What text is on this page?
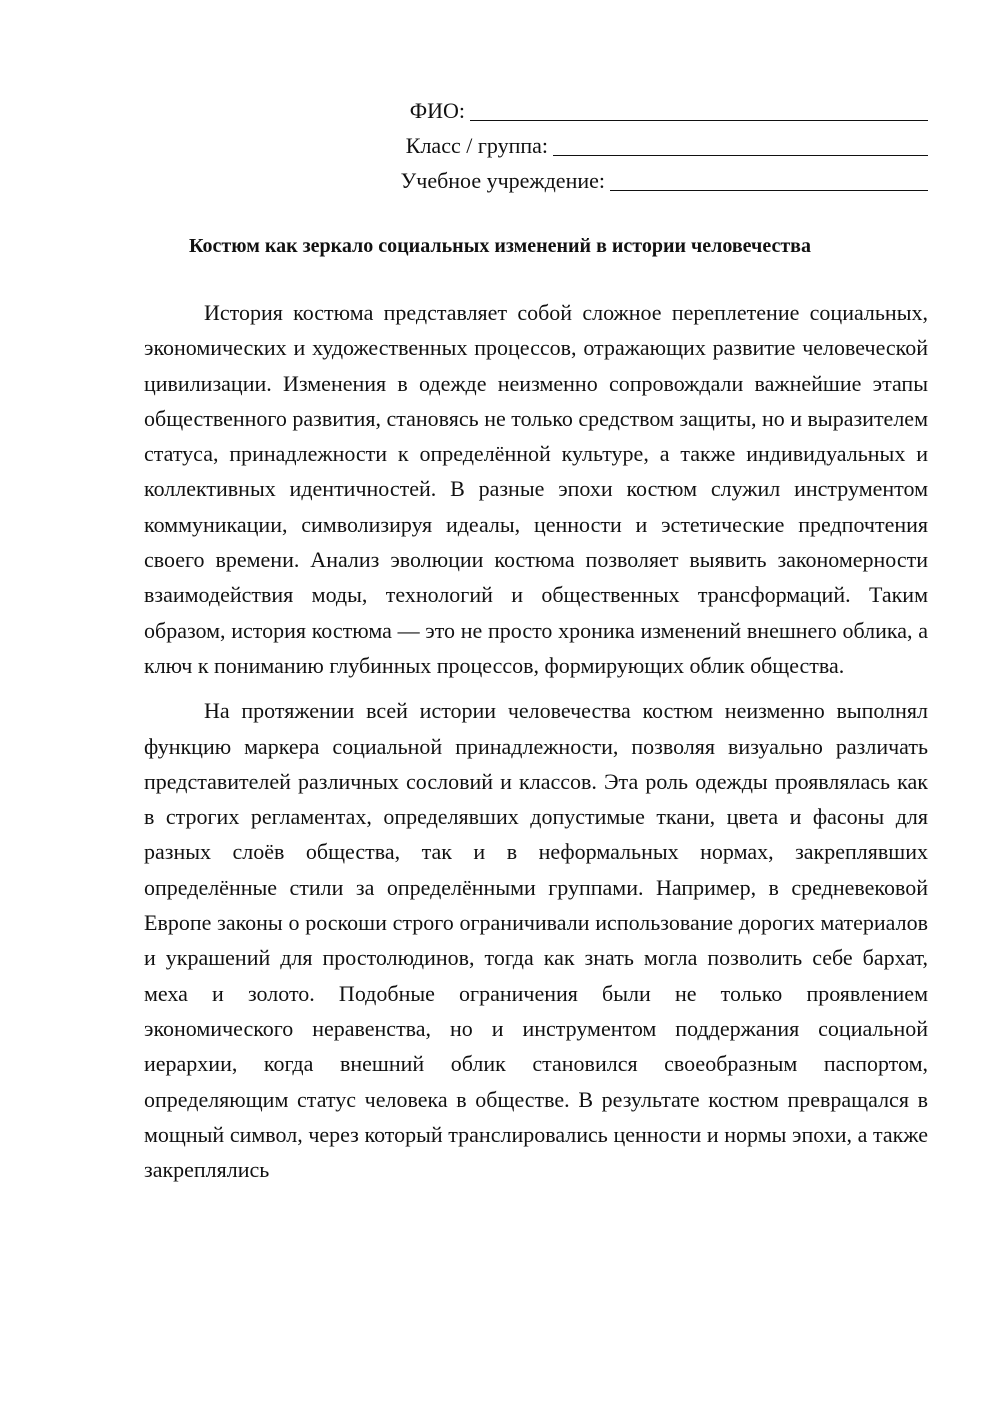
ФИО:
Класс / группа:
Учебное учреждение:
Костюм как зеркало социальных изменений в истории человечества

История костюма представляет собой сложное переплетение социальных, экономических и художественных процессов, отражающих развитие человеческой цивилизации. Изменения в одежде неизменно сопровождали важнейшие этапы общественного развития, становясь не только средством защиты, но и выразителем статуса, принадлежности к определённой культуре, а также индивидуальных и коллективных идентичностей. В разные эпохи костюм служил инструментом коммуникации, символизируя идеалы, ценности и эстетические предпочтения своего времени. Анализ эволюции костюма позволяет выявить закономерности взаимодействия моды, технологий и общественных трансформаций. Таким образом, история костюма — это не просто хроника изменений внешнего облика, а ключ к пониманию глубинных процессов, формирующих облик общества.

На протяжении всей истории человечества костюм неизменно выполнял функцию маркера социальной принадлежности, позволяя визуально различать представителей различных сословий и классов. Эта роль одежды проявлялась как в строгих регламентах, определявших допустимые ткани, цвета и фасоны для разных слоёв общества, так и в неформальных нормах, закреплявших определённые стили за определёнными группами. Например, в средневековой Европе законы о роскоши строго ограничивали использование дорогих материалов и украшений для простолюдинов, тогда как знать могла позволить себе бархат, меха и золото. Подобные ограничения были не только проявлением экономического неравенства, но и инструментом поддержания социальной иерархии, когда внешний облик становился своеобразным паспортом, определяющим статус человека в обществе. В результате костюм превращался в мощный символ, через который транслировались ценности и нормы эпохи, а также закреплялись
